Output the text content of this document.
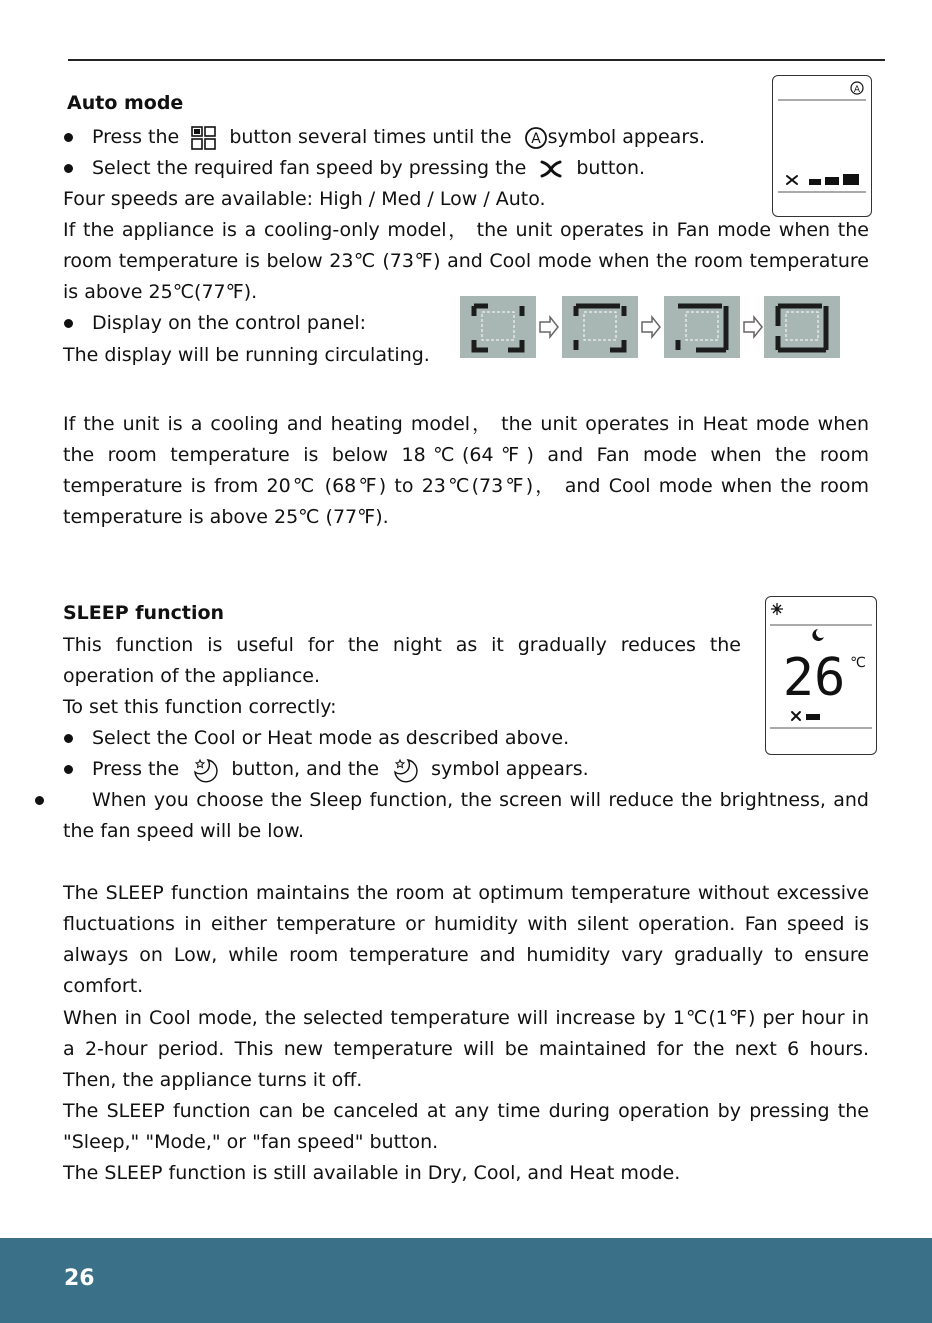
Auto mode
Press the	button several times until the A symbol appears.
Select the required fan speed by pressing the	button.
Four speeds are available: High / Med / Low / Auto.
If the appliance is a cooling-only model， the unit operates in Fan mode when the room temperature is below 23℃ (73℉) and Cool mode when the room temperature is above 25℃(77℉).
Display on the control panel:
The display will be running circulating.
A
If the unit is a cooling and heating model， the unit operates in Heat mode when the room temperature is below 18℃(64℉) and Fan mode when the room temperature is from 20℃ (68℉) to 23℃(73℉)， and Cool mode when the room temperature is above 25℃ (77℉).
SLEEP function
This function is useful for the night as it gradually reduces the operation of the appliance.
To set this function correctly:
Select the Cool or Heat mode as described above.
Press the	button, and the	symbol appears.
When you choose the Sleep function, the screen will reduce the brightness, and the fan speed will be low.
26 ℃
The SLEEP function maintains the room at optimum temperature without excessive fluctuations in either temperature or humidity with silent operation. Fan speed is always on Low, while room temperature and humidity vary gradually to ensure comfort.
When in Cool mode, the selected temperature will increase by 1℃(1℉) per hour in a 2-hour period. This new temperature will be maintained for the next 6 hours. Then, the appliance turns it off.
The SLEEP function can be canceled at any time during operation by pressing the "Sleep," "Mode," or "fan speed" button.
The SLEEP function is still available in Dry, Cool, and Heat mode.
26
